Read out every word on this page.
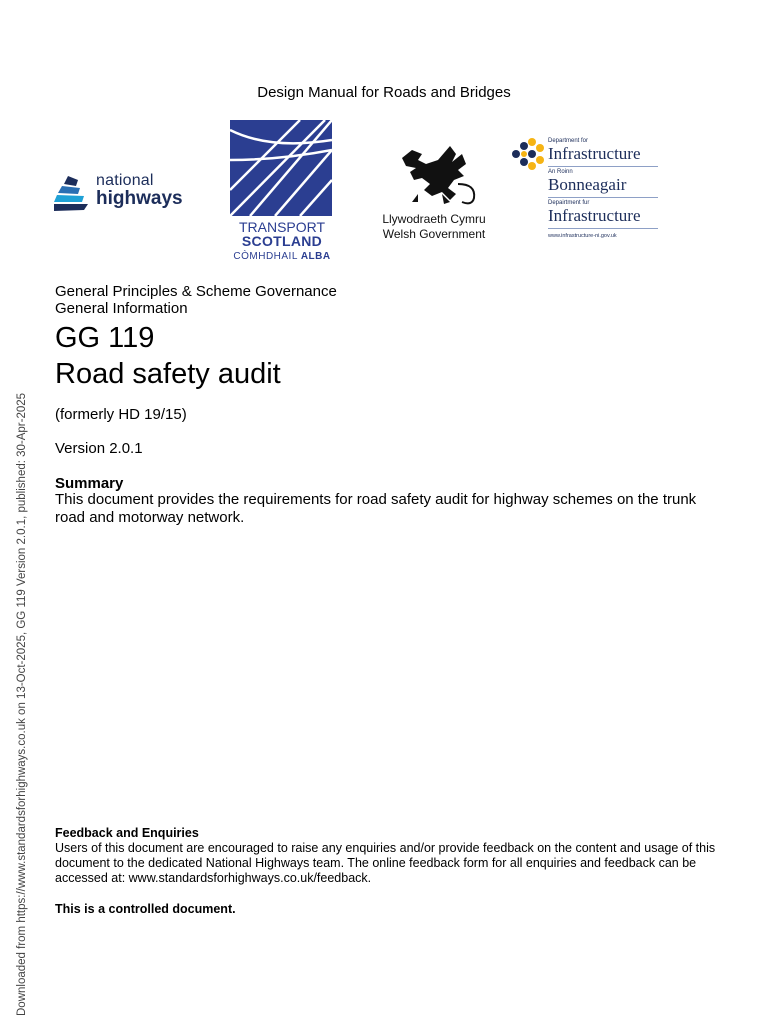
Design Manual for Roads and Bridges
national
highways
TRANSPORT
SCOTLAND
CÒMHDHAIL ALBA
Llywodraeth Cymru
Welsh Government
Department for
Infrastructure
An Roinn
Bonneagair
Depairtment fur
Infrastructure
www.infrastructure-ni.gov.uk
General Principles & Scheme Governance
General Information
GG 119
Road safety audit
(formerly HD 19/15)
Version 2.0.1
Summary
This document provides the requirements for road safety audit for highway schemes on the trunk road and motorway network.
Feedback and Enquiries
Users of this document are encouraged to raise any enquiries and/or provide feedback on the content and usage of this document to the dedicated National Highways team. The online feedback form for all enquiries and feedback can be accessed at: www.standardsforhighways.co.uk/feedback.
This is a controlled document.
Downloaded from https://www.standardsforhighways.co.uk on 13-Oct-2025, GG 119 Version 2.0.1, published: 30-Apr-2025
